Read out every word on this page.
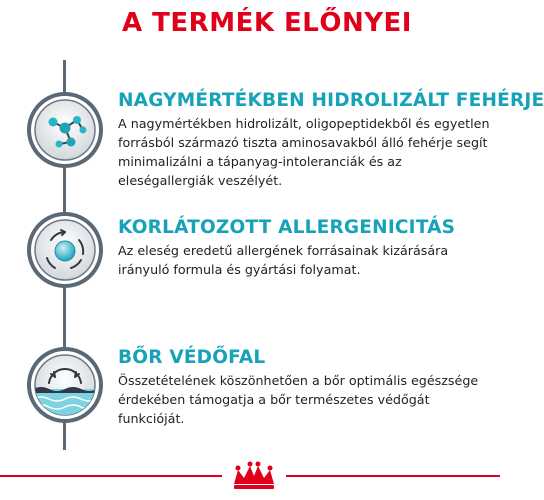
A TERMÉK ELŐNYEI
NAGYMÉRTÉKBEN HIDROLIZÁLT FEHÉRJE
A nagymértékben hidrolizált, oligopeptidekből és egyetlen forrásból származó tiszta aminosavakból álló fehérje segít minimalizálni a tápanyag-intoleranciák és az eleségallergiák veszélyét.
KORLÁTOZOTT ALLERGENICITÁS
Az eleség eredetű allergének forrásainak kizárására irányuló formula és gyártási folyamat.
BŐR VÉDŐFAL
Összetételének köszönhetően a bőr optimális egészsége érdekében támogatja a bőr természetes védőgát funkcióját.
